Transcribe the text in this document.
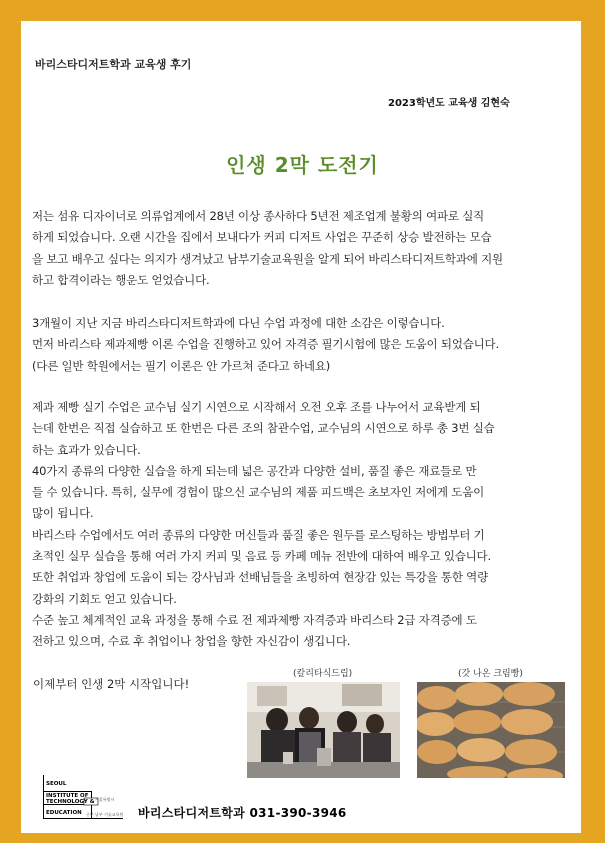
바리스타디저트학과 교육생 후기
2023학년도 교육생 김현숙
인생 2막 도전기
저는 섬유 디자이너로 의류업계에서 28년 이상 종사하다 5년전 제조업계 불황의 여파로 실직
하게 되었습니다. 오랜 시간을 집에서 보내다가 커피 디저트 사업은 꾸준히 상승 발전하는 모습
을 보고 배우고 싶다는 의지가 생겨났고 남부기술교육원을 알게 되어 바리스타디저트학과에 지원
하고 합격이라는 행운도 얻었습니다.
3개월이 지난 지금 바리스타디저트학과에 다닌 수업 과정에 대한 소감은 이렇습니다.
먼저 바리스타 제과제빵 이론 수업을 진행하고 있어 자격증 필기시험에 많은 도움이 되었습니다.
(다른 일반 학원에서는 필기 이론은 안 가르쳐 준다고 하네요)
제과 제빵 실기 수업은 교수님 실기 시연으로 시작해서 오전 오후 조를 나누어서 교육받게 되
는데 한번은 직접 실습하고 또 한번은 다른 조의 참관수업, 교수님의 시연으로 하루 총 3번 실습
하는 효과가 있습니다.
40가지 종류의 다양한 실습을 하게 되는데 넓은 공간과 다양한 설비, 품질 좋은 재료들로 만
들 수 있습니다. 특히, 실무에 경험이 많으신 교수님의 제품 피드백은 초보자인 저에게 도움이
많이 됩니다.
바리스타 수업에서도 여러 종류의 다양한 머신들과 품질 좋은 원두를 로스팅하는 방법부터 기
초적인 실무 실습을 통해 여러 가지 커피 및 음료 등 카페 메뉴 전반에 대하여 배우고 있습니다.
또한 취업과 창업에 도움이 되는 강사님과 선배님들을 초빙하여 현장감 있는 특강을 통한 역량
강화의 기회도 얻고 있습니다.
수준 높고 체계적인 교육 과정을 통해 수료 전 제과제빵 자격증과 바리스타 2급 자격증에 도
전하고 있으며, 수료 후 취업이나 창업을 향한 자신감이 생깁니다.
이제부터 인생 2막 시작입니다!
(칼리타식드립)	(갓 나온 크림빵)
SEOUL
INSTITUTE OF
TECHNOLOGY &
EDUCATION
서울특별시
중부 남부 기술교육원 바리스타디저트학과 031-390-3946
